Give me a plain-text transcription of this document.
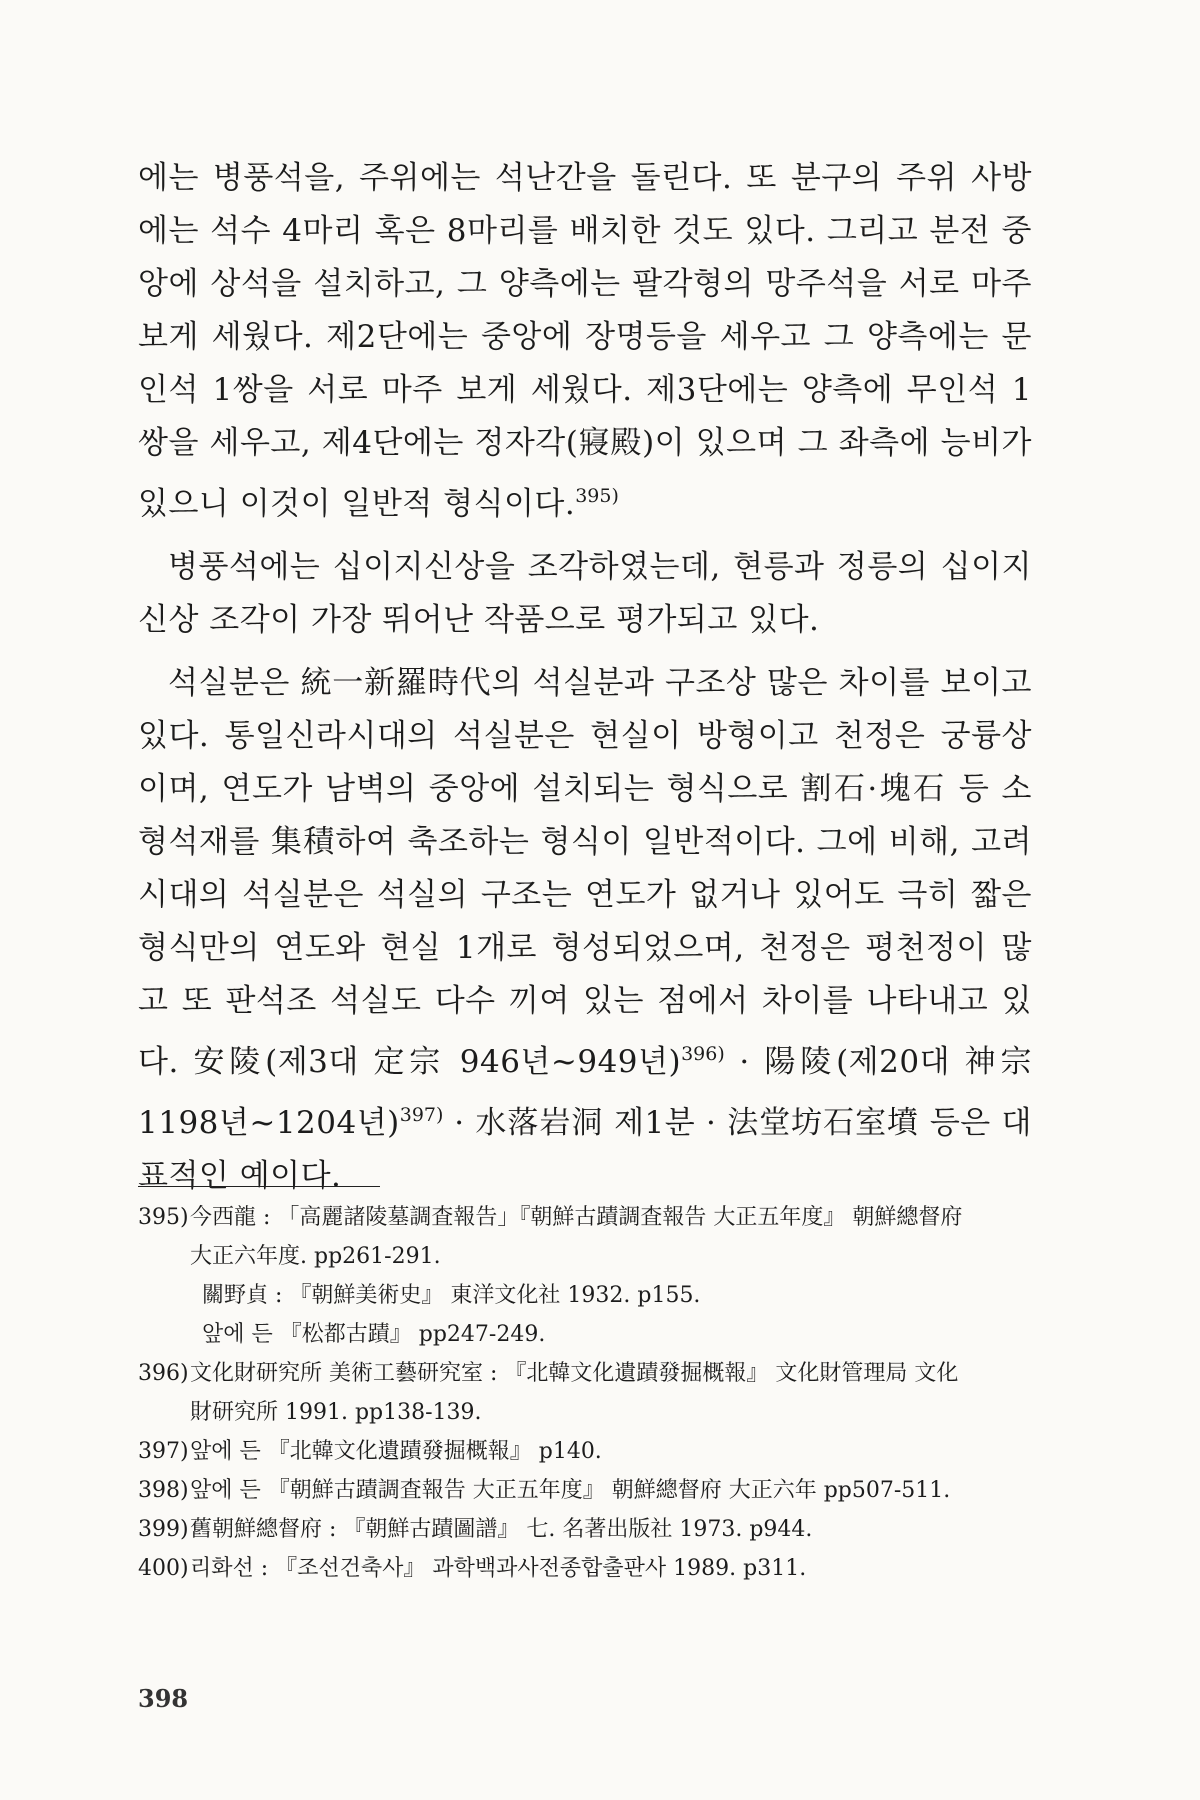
에는 병풍석을, 주위에는 석난간을 돌린다. 또 분구의 주위 사방에는 석수 4마리 혹은 8마리를 배치한 것도 있다. 그리고 분전 중앙에 상석을 설치하고, 그 양측에는 팔각형의 망주석을 서로 마주 보게 세웠다. 제2단에는 중앙에 장명등을 세우고 그 양측에는 문인석 1쌍을 서로 마주 보게 세웠다. 제3단에는 양측에 무인석 1쌍을 세우고, 제4단에는 정자각(寢殿)이 있으며 그 좌측에 능비가 있으니 이것이 일반적 형식이다.$^{395)}$

병풍석에는 십이지신상을 조각하였는데, 현릉과 정릉의 십이지신상 조각이 가장 뛰어난 작품으로 평가되고 있다.

석실분은 統一新羅時代의 석실분과 구조상 많은 차이를 보이고 있다. 통일신라시대의 석실분은 현실이 방형이고 천정은 궁륭상이며, 연도가 남벽의 중앙에 설치되는 형식으로 割石·塊石 등 소형석재를 集積하여 축조하는 형식이 일반적이다. 그에 비해, 고려시대의 석실분은 석실의 구조는 연도가 없거나 있어도 극히 짧은 형식만의 연도와 현실 1개로 형성되었으며, 천정은 평천정이 많고 또 판석조 석실도 다수 끼여 있는 점에서 차이를 나타내고 있다. 安陵(제3대 定宗 946년~949년)$^{396)}$ · 陽陵(제20대 神宗 1198년~1204년)$^{397)}$ · 水落岩洞 제1분 · 法堂坊石室墳 등은 대표적인 예이다.

395) 今西龍 : 「高麗諸陵墓調査報告」『朝鮮古蹟調査報告 大正五年度』 朝鮮總督府
大正六年度. pp261-291.
關野貞 : 『朝鮮美術史』 東洋文化社 1932. p155.
앞에 든 『松都古蹟』 pp247-249.
396) 文化財研究所 美術工藝研究室 : 『北韓文化遺蹟發掘概報』 文化財管理局 文化
財研究所 1991. pp138-139.
397) 앞에 든 『北韓文化遺蹟發掘概報』 p140.
398) 앞에 든 『朝鮮古蹟調査報告 大正五年度』 朝鮮總督府 大正六年 pp507-511.
399) 舊朝鮮總督府 : 『朝鮮古蹟圖譜』 七. 名著出版社 1973. p944.
400) 리화선 : 『조선건축사』 과학백과사전종합출판사 1989. p311.
398
